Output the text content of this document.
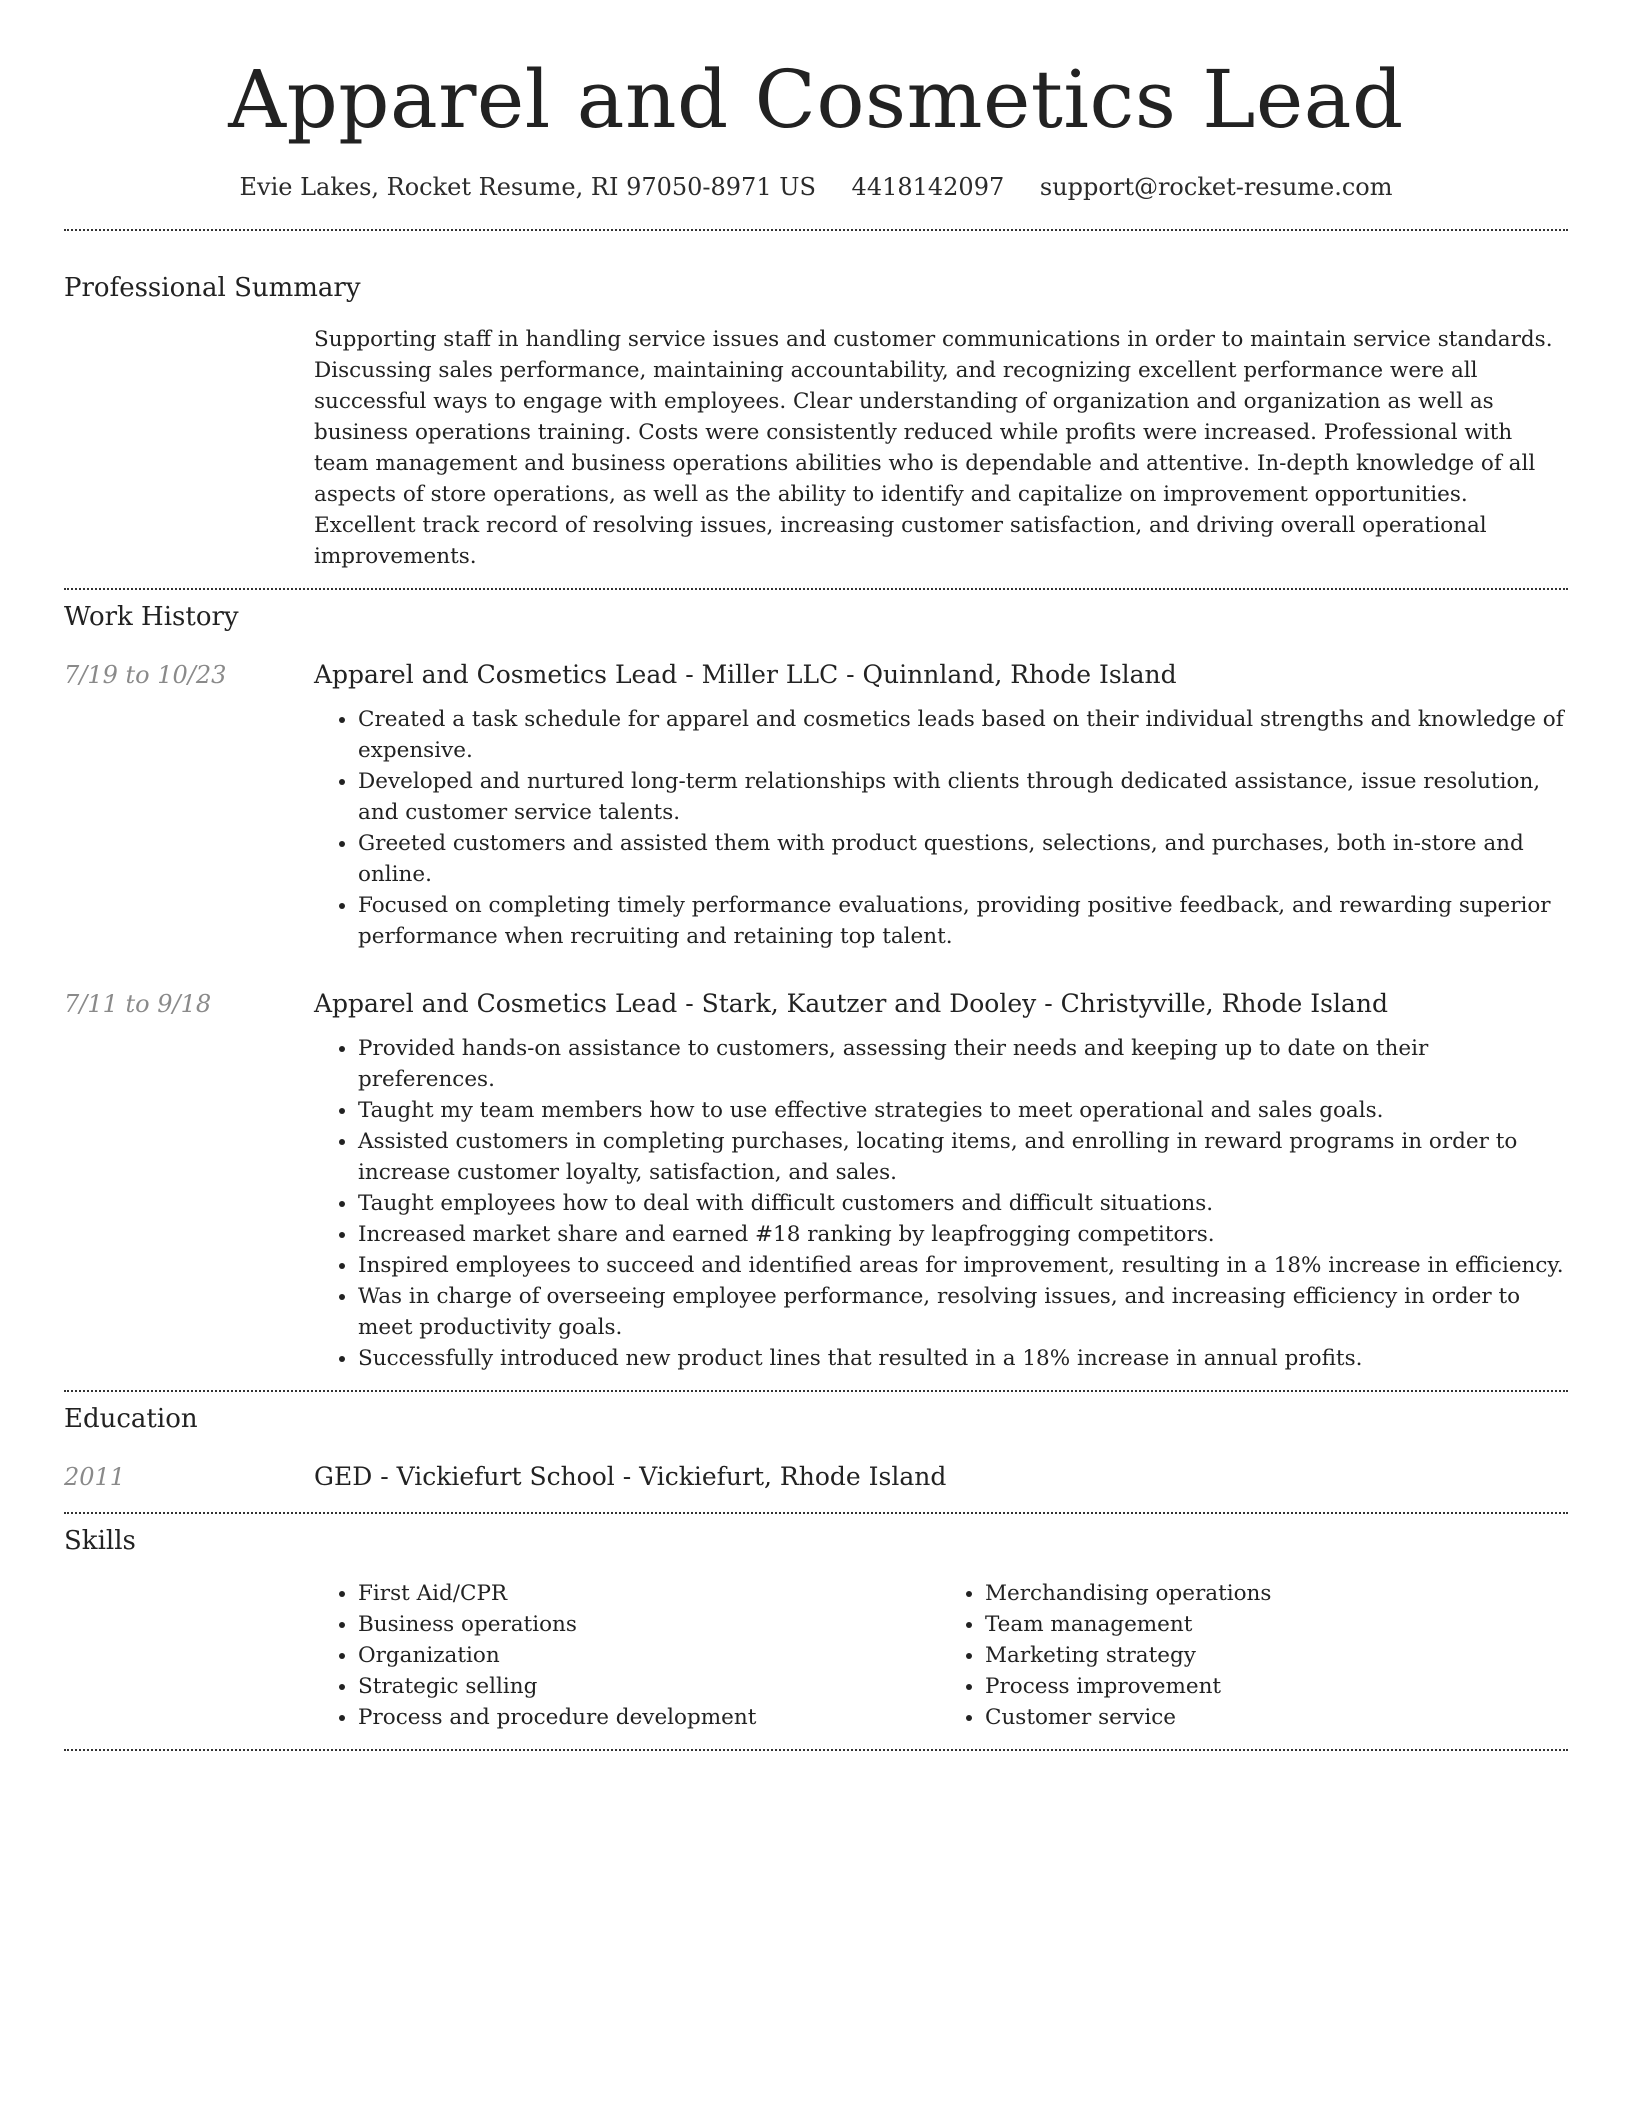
Apparel and Cosmetics Lead
Evie Lakes, Rocket Resume, RI 97050-8971 US 4418142097 support@rocket-resume.com
Professional Summary
Supporting staff in handling service issues and customer communications in order to maintain service standards. Discussing sales performance, maintaining accountability, and recognizing excellent performance were all successful ways to engage with employees. Clear understanding of organization and organization as well as business operations training. Costs were consistently reduced while profits were increased. Professional with team management and business operations abilities who is dependable and attentive. In-depth knowledge of all aspects of store operations, as well as the ability to identify and capitalize on improvement opportunities. Excellent track record of resolving issues, increasing customer satisfaction, and driving overall operational improvements.
Work History
7/19 to 10/23	Apparel and Cosmetics Lead - Miller LLC - Quinnland, Rhode Island
• Created a task schedule for apparel and cosmetics leads based on their individual strengths and knowledge of expensive.
• Developed and nurtured long-term relationships with clients through dedicated assistance, issue resolution, and customer service talents.
• Greeted customers and assisted them with product questions, selections, and purchases, both in-store and online.
• Focused on completing timely performance evaluations, providing positive feedback, and rewarding superior performance when recruiting and retaining top talent.
7/11 to 9/18	Apparel and Cosmetics Lead - Stark, Kautzer and Dooley - Christyville, Rhode Island
• Provided hands-on assistance to customers, assessing their needs and keeping up to date on their preferences.
• Taught my team members how to use effective strategies to meet operational and sales goals.
• Assisted customers in completing purchases, locating items, and enrolling in reward programs in order to increase customer loyalty, satisfaction, and sales.
• Taught employees how to deal with difficult customers and difficult situations.
• Increased market share and earned #18 ranking by leapfrogging competitors.
• Inspired employees to succeed and identified areas for improvement, resulting in a 18% increase in efficiency.
• Was in charge of overseeing employee performance, resolving issues, and increasing efficiency in order to meet productivity goals.
• Successfully introduced new product lines that resulted in a 18% increase in annual profits.
Education
2011	GED - Vickiefurt School - Vickiefurt, Rhode Island
Skills
• First Aid/CPR
• Business operations
• Organization
• Strategic selling
• Process and procedure development
• Merchandising operations
• Team management
• Marketing strategy
• Process improvement
• Customer service
